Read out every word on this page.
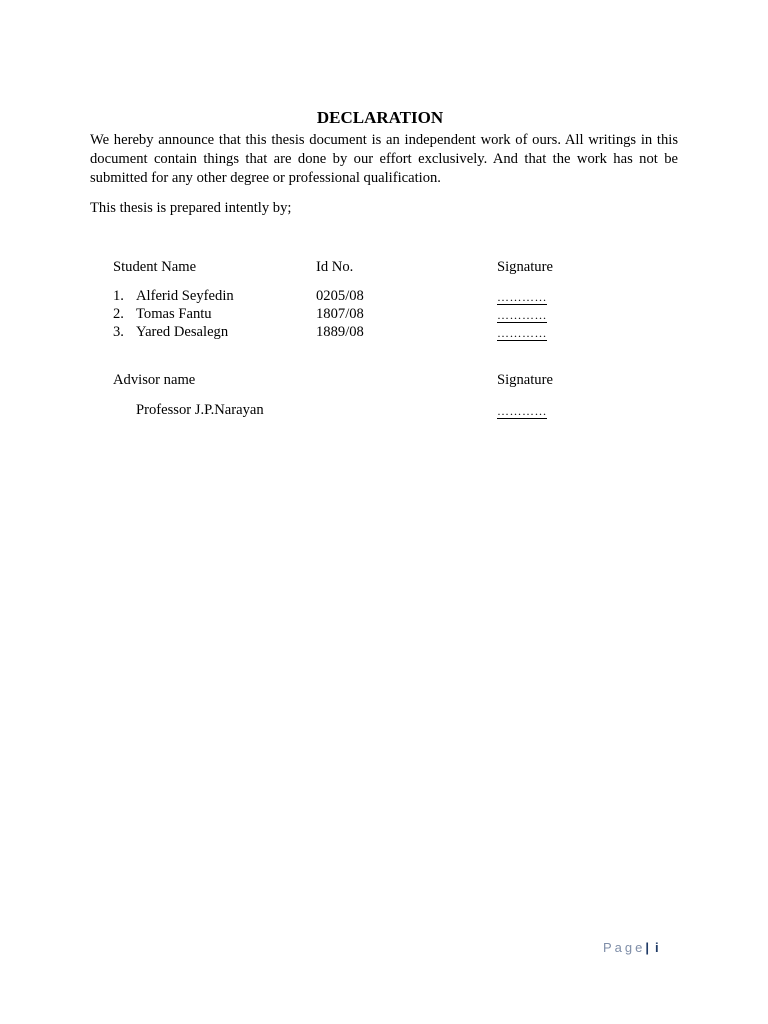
DECLARATION
We hereby announce that this thesis document is an independent work of ours. All writings in this document contain things that are done by our effort exclusively. And that the work has not be submitted for any other degree or professional qualification.
This thesis is prepared intently by;
Student Name	Id No.	Signature
1. Alferid Seyfedin	0205/08	…………
2. Tomas Fantu	1807/08	…………
3. Yared Desalegn	1889/08	…………
Advisor name	Signature
Professor J.P.Narayan	…………
Page| i
